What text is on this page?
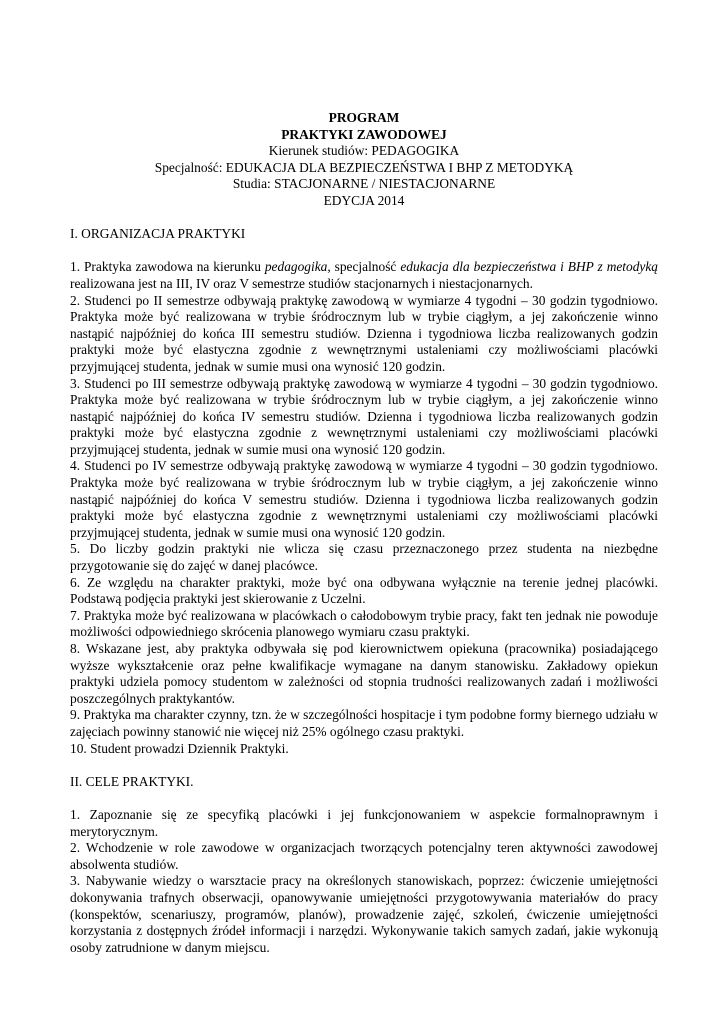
PROGRAM
PRAKTYKI ZAWODOWEJ
Kierunek studiów: PEDAGOGIKA
Specjalność: EDUKACJA DLA BEZPIECZEŃSTWA I BHP Z METODYKĄ
Studia: STACJONARNE / NIESTACJONARNE
EDYCJA 2014

I. ORGANIZACJA PRAKTYKI

1. Praktyka zawodowa na kierunku pedagogika, specjalność edukacja dla bezpieczeństwa i BHP z metodyką realizowana jest na III, IV oraz V semestrze studiów stacjonarnych i niestacjonarnych.

2. Studenci po II semestrze odbywają praktykę zawodową w wymiarze 4 tygodni – 30 godzin tygodniowo. Praktyka może być realizowana w trybie śródrocznym lub w trybie ciągłym, a jej zakończenie winno nastąpić najpóźniej do końca III semestru studiów. Dzienna i tygodniowa liczba realizowanych godzin praktyki może być elastyczna zgodnie z wewnętrznymi ustaleniami czy możliwościami placówki przyjmującej studenta, jednak w sumie musi ona wynosić 120 godzin.

3. Studenci po III semestrze odbywają praktykę zawodową w wymiarze 4 tygodni – 30 godzin tygodniowo. Praktyka może być realizowana w trybie śródrocznym lub w trybie ciągłym, a jej zakończenie winno nastąpić najpóźniej do końca IV semestru studiów. Dzienna i tygodniowa liczba realizowanych godzin praktyki może być elastyczna zgodnie z wewnętrznymi ustaleniami czy możliwościami placówki przyjmującej studenta, jednak w sumie musi ona wynosić 120 godzin.

4. Studenci po IV semestrze odbywają praktykę zawodową w wymiarze 4 tygodni – 30 godzin tygodniowo. Praktyka może być realizowana w trybie śródrocznym lub w trybie ciągłym, a jej zakończenie winno nastąpić najpóźniej do końca V semestru studiów. Dzienna i tygodniowa liczba realizowanych godzin praktyki może być elastyczna zgodnie z wewnętrznymi ustaleniami czy możliwościami placówki przyjmującej studenta, jednak w sumie musi ona wynosić 120 godzin.

5. Do liczby godzin praktyki nie wlicza się czasu przeznaczonego przez studenta na niezbędne przygotowanie się do zajęć w danej placówce.

6. Ze względu na charakter praktyki, może być ona odbywana wyłącznie na terenie jednej placówki. Podstawą podjęcia praktyki jest skierowanie z Uczelni.

7. Praktyka może być realizowana w placówkach o całodobowym trybie pracy, fakt ten jednak nie powoduje możliwości odpowiedniego skrócenia planowego wymiaru czasu praktyki.

8. Wskazane jest, aby praktyka odbywała się pod kierownictwem opiekuna (pracownika) posiadającego wyższe wykształcenie oraz pełne kwalifikacje wymagane na danym stanowisku. Zakładowy opiekun praktyki udziela pomocy studentom w zależności od stopnia trudności realizowanych zadań i możliwości poszczególnych praktykantów.

9. Praktyka ma charakter czynny, tzn. że w szczególności hospitacje i tym podobne formy biernego udziału w zajęciach powinny stanowić nie więcej niż 25% ogólnego czasu praktyki.

10. Student prowadzi Dziennik Praktyki.

II. CELE PRAKTYKI.

1. Zapoznanie się ze specyfiką placówki i jej funkcjonowaniem w aspekcie formalnoprawnym i merytorycznym.

2. Wchodzenie w role zawodowe w organizacjach tworzących potencjalny teren aktywności zawodowej absolwenta studiów.

3. Nabywanie wiedzy o warsztacie pracy na określonych stanowiskach, poprzez: ćwiczenie umiejętności dokonywania trafnych obserwacji, opanowywanie umiejętności przygotowywania materiałów do pracy (konspektów, scenariuszy, programów, planów), prowadzenie zajęć, szkoleń, ćwiczenie umiejętności korzystania z dostępnych źródeł informacji i narzędzi. Wykonywanie takich samych zadań, jakie wykonują osoby zatrudnione w danym miejscu.
